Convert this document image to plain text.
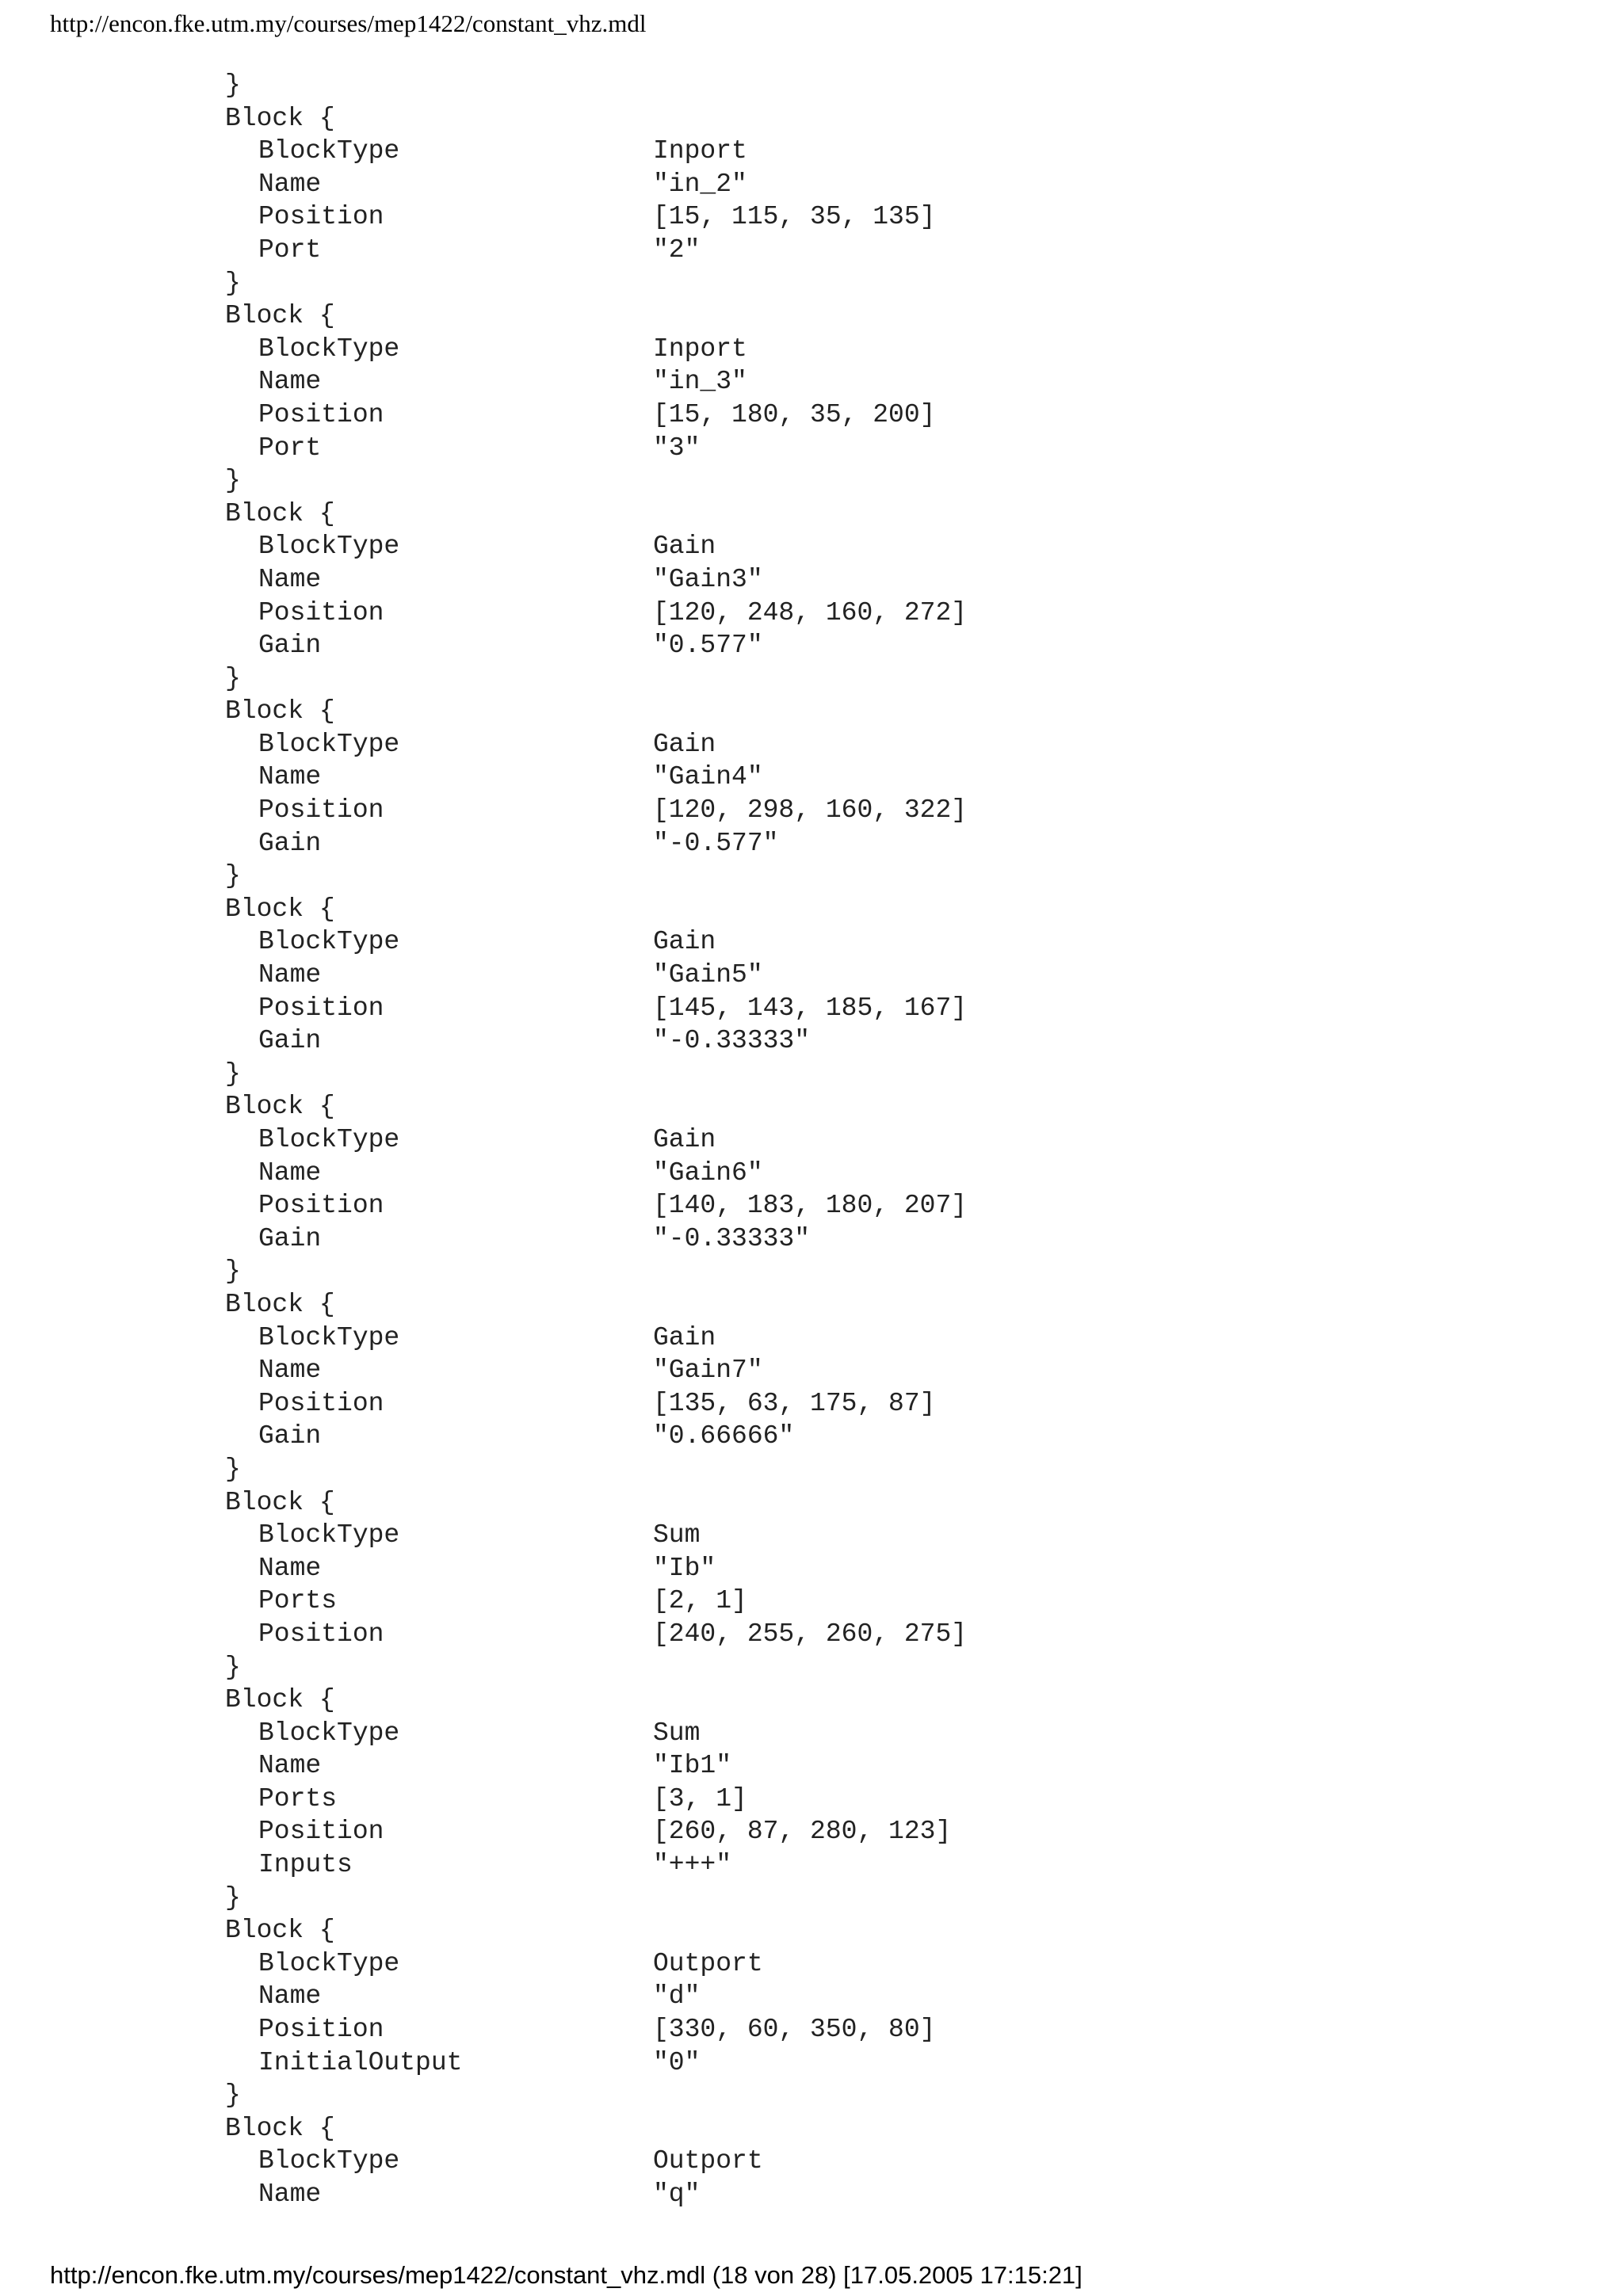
http://encon.fke.utm.my/courses/mep1422/constant_vhz.mdl
}
Block {
BlockType	Inport
Name	"in_2"
Position	[15, 115, 35, 135]
Port	"2"
}
Block {
BlockType	Inport
Name	"in_3"
Position	[15, 180, 35, 200]
Port	"3"
}
Block {
BlockType	Gain
Name	"Gain3"
Position	[120, 248, 160, 272]
Gain	"0.577"
}
Block {
BlockType	Gain
Name	"Gain4"
Position	[120, 298, 160, 322]
Gain	"-0.577"
}
Block {
BlockType	Gain
Name	"Gain5"
Position	[145, 143, 185, 167]
Gain	"-0.33333"
}
Block {
BlockType	Gain
Name	"Gain6"
Position	[140, 183, 180, 207]
Gain	"-0.33333"
}
Block {
BlockType	Gain
Name	"Gain7"
Position	[135, 63, 175, 87]
Gain	"0.66666"
}
Block {
BlockType	Sum
Name	"Ib"
Ports	[2, 1]
Position	[240, 255, 260, 275]
}
Block {
BlockType	Sum
Name	"Ib1"
Ports	[3, 1]
Position	[260, 87, 280, 123]
Inputs	"+++"
}
Block {
BlockType	Outport
Name	"d"
Position	[330, 60, 350, 80]
InitialOutput	"0"
}
Block {
BlockType	Outport
Name	"q"
http://encon.fke.utm.my/courses/mep1422/constant_vhz.mdl (18 von 28) [17.05.2005 17:15:21]
